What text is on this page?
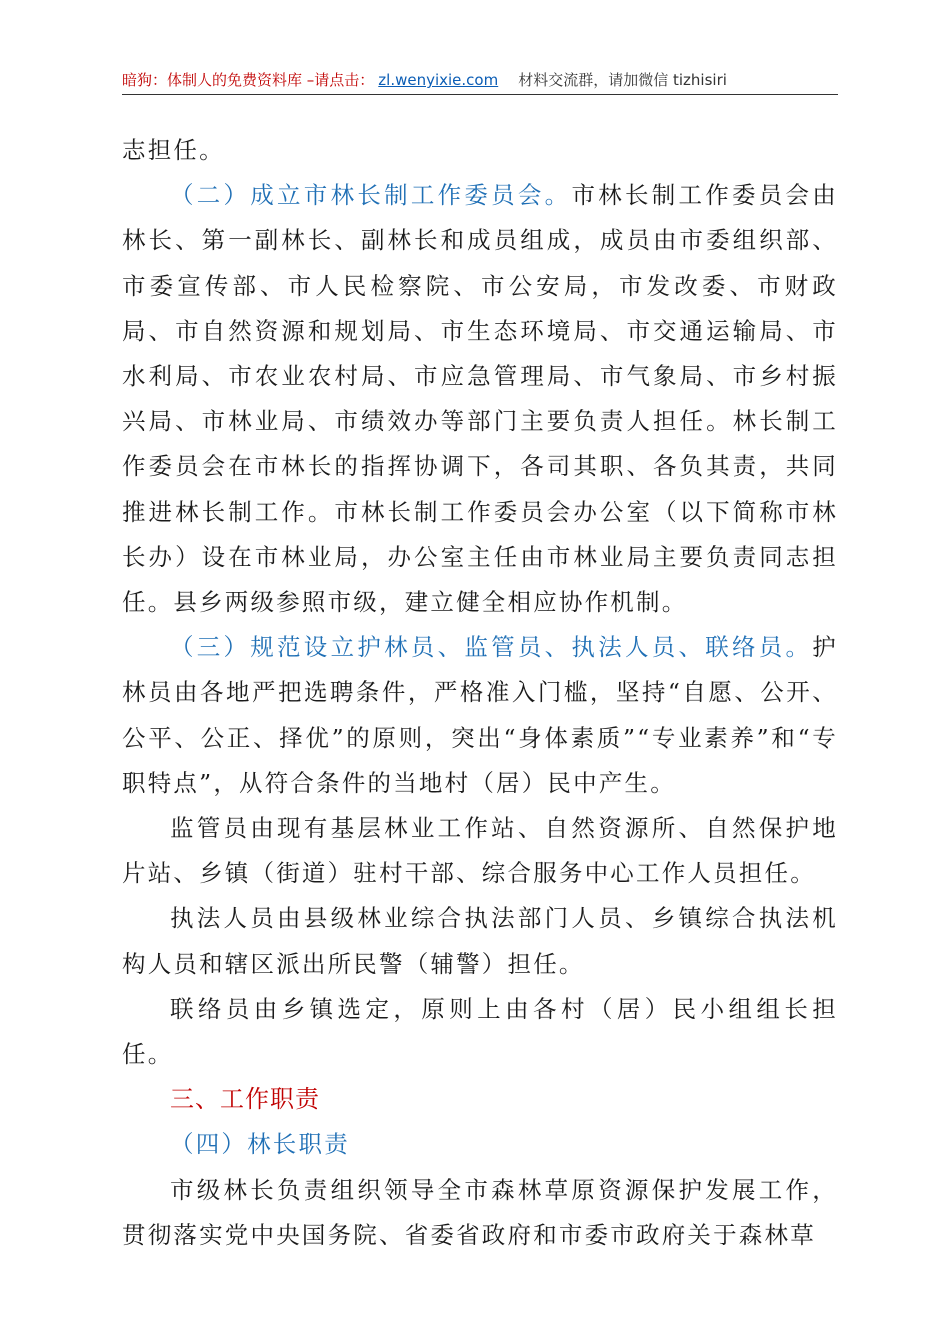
暗狗：体制人的免费资料库 –请点击： zl.wenyixie.com 材料交流群，请加微信 tizhisiri

志担任。

（二）成立市林长制工作委员会。市林长制工作委员会由林长、第一副林长、副林长和成员组成，成员由市委组织部、市委宣传部、市人民检察院、市公安局，市发改委、市财政局、市自然资源和规划局、市生态环境局、市交通运输局、市水利局、市农业农村局、市应急管理局、市气象局、市乡村振兴局、市林业局、市绩效办等部门主要负责人担任。林长制工作委员会在市林长的指挥协调下，各司其职、各负其责，共同推进林长制工作。市林长制工作委员会办公室（以下简称市林长办）设在市林业局，办公室主任由市林业局主要负责同志担任。县乡两级参照市级，建立健全相应协作机制。

（三）规范设立护林员、监管员、执法人员、联络员。护林员由各地严把选聘条件，严格准入门槛，坚持“自愿、公开、公平、公正、择优”的原则，突出“身体素质”“专业素养”和“专职特点”，从符合条件的当地村（居）民中产生。

监管员由现有基层林业工作站、自然资源所、自然保护地片站、乡镇（街道）驻村干部、综合服务中心工作人员担任。

执法人员由县级林业综合执法部门人员、乡镇综合执法机构人员和辖区派出所民警（辅警）担任。

联络员由乡镇选定，原则上由各村（居）民小组组长担任。

三、工作职责

（四）林长职责

市级林长负责组织领导全市森林草原资源保护发展工作，贯彻落实党中央国务院、省委省政府和市委市政府关于森林草
